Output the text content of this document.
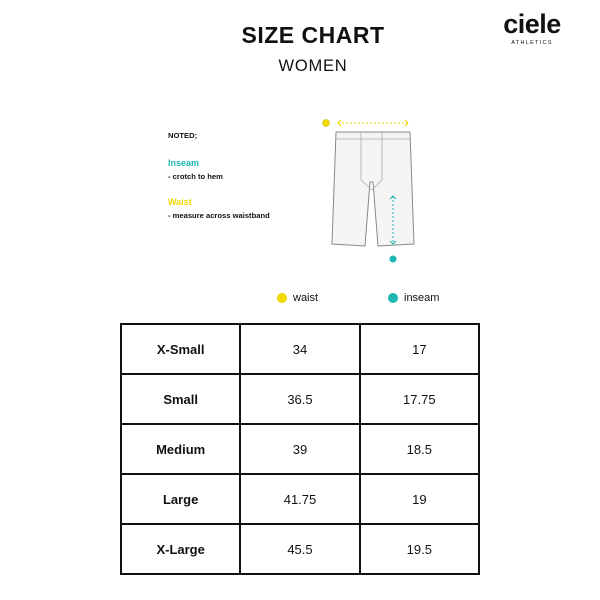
SIZE CHART
WOMEN
ciele
ATHLETICS
NOTED;
Inseam
- crotch to hem
Waist
- measure across waistband
waist	inseam
X-Small	34	17
Small	36.5	17.75
Medium	39	18.5
Large	41.75	19
X-Large	45.5	19.5
